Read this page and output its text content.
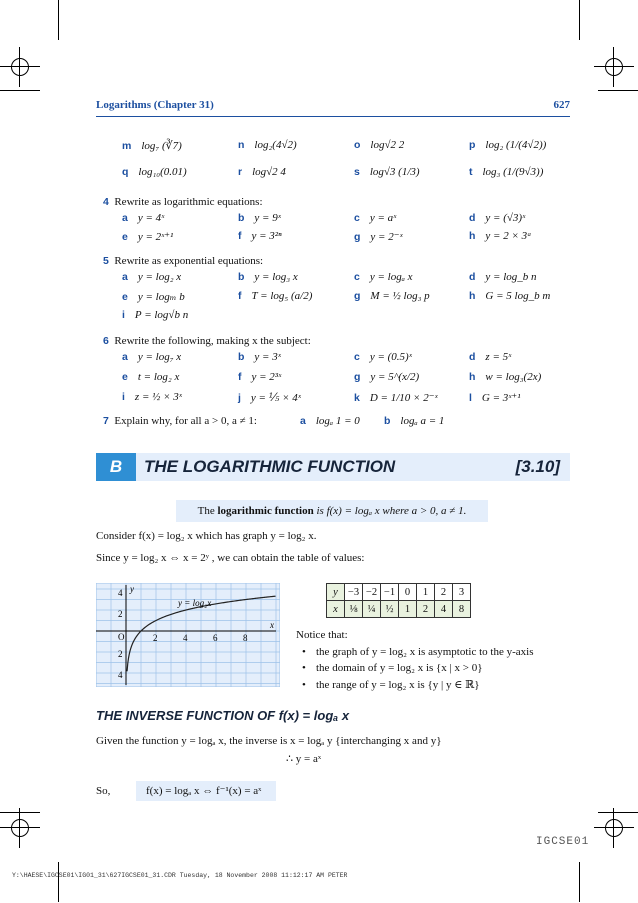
Logarithms (Chapter 31)	627
m log₇ (∛7)	n log₂(4√2)	o log√2 2	p log₂ (1/(4√2))
q log₁₀(0.01)	r log√2 4	s log√3 (1/3)	t log₃ (1/(9√3))
4 Rewrite as logarithmic equations:
a y = 4ˣ	b y = 9ˣ	c y = aˣ	d y = (√3)ˣ
e y = 2ˣ⁺¹	f y = 3²ⁿ	g y = 2⁻ˣ	h y = 2 × 3ᵃ
5 Rewrite as exponential equations:
a y = log₂ x	b y = log₃ x	c y = logₐ x	d y = log_b n
e y = logₘ b	f T = log₅ (a/2)	g M = ½ log₃ p	h G = 5 log_b m
i P = log√b n
6 Rewrite the following, making x the subject:
a y = log₇ x	b y = 3ˣ	c y = (0.5)ˣ	d z = 5ˣ
e t = log₂ x	f y = 2³ˣ	g y = 5^(x/2)	h w = log₃(2x)
i z = ½ × 3ˣ	j y = ⅕ × 4ˣ	k D = 1/10 × 2⁻ˣ	l G = 3ˣ⁺¹
7 Explain why, for all a > 0, a ≠ 1:	a logₐ 1 = 0 b logₐ a = 1
B	THE LOGARITHMIC FUNCTION	[3.10]
The logarithmic function is f(x) = logₐ x where a > 0, a ≠ 1.
Consider f(x) = log₂ x which has graph y = log₂ x.
Since y = log₂ x ⇔ x = 2ʸ , we can obtain the table of values:
x
y
O	2	4	6	8
4
2
2
4
y = log₂x
y	−3	−2	−1	0	1	2	3
x	⅛	¼	½	1	2	4	8
Notice that:
• the graph of y = log₂ x is asymptotic to the y-axis
• the domain of y = log₂ x is {x | x > 0}
• the range of y = log₂ x is {y | y ∈ ℝ}
THE INVERSE FUNCTION OF f(x) = logₐ x
Given the function y = logₐ x, the inverse is x = logₐ y {interchanging x and y}
∴ y = aˣ
So,	f(x) = logₐ x ⇔ f⁻¹(x) = aˣ
IGCSE01
Y:\HAESE\IGCSE01\IG01_31\627IGCSE01_31.CDR Tuesday, 18 November 2008 11:12:17 AM PETER
